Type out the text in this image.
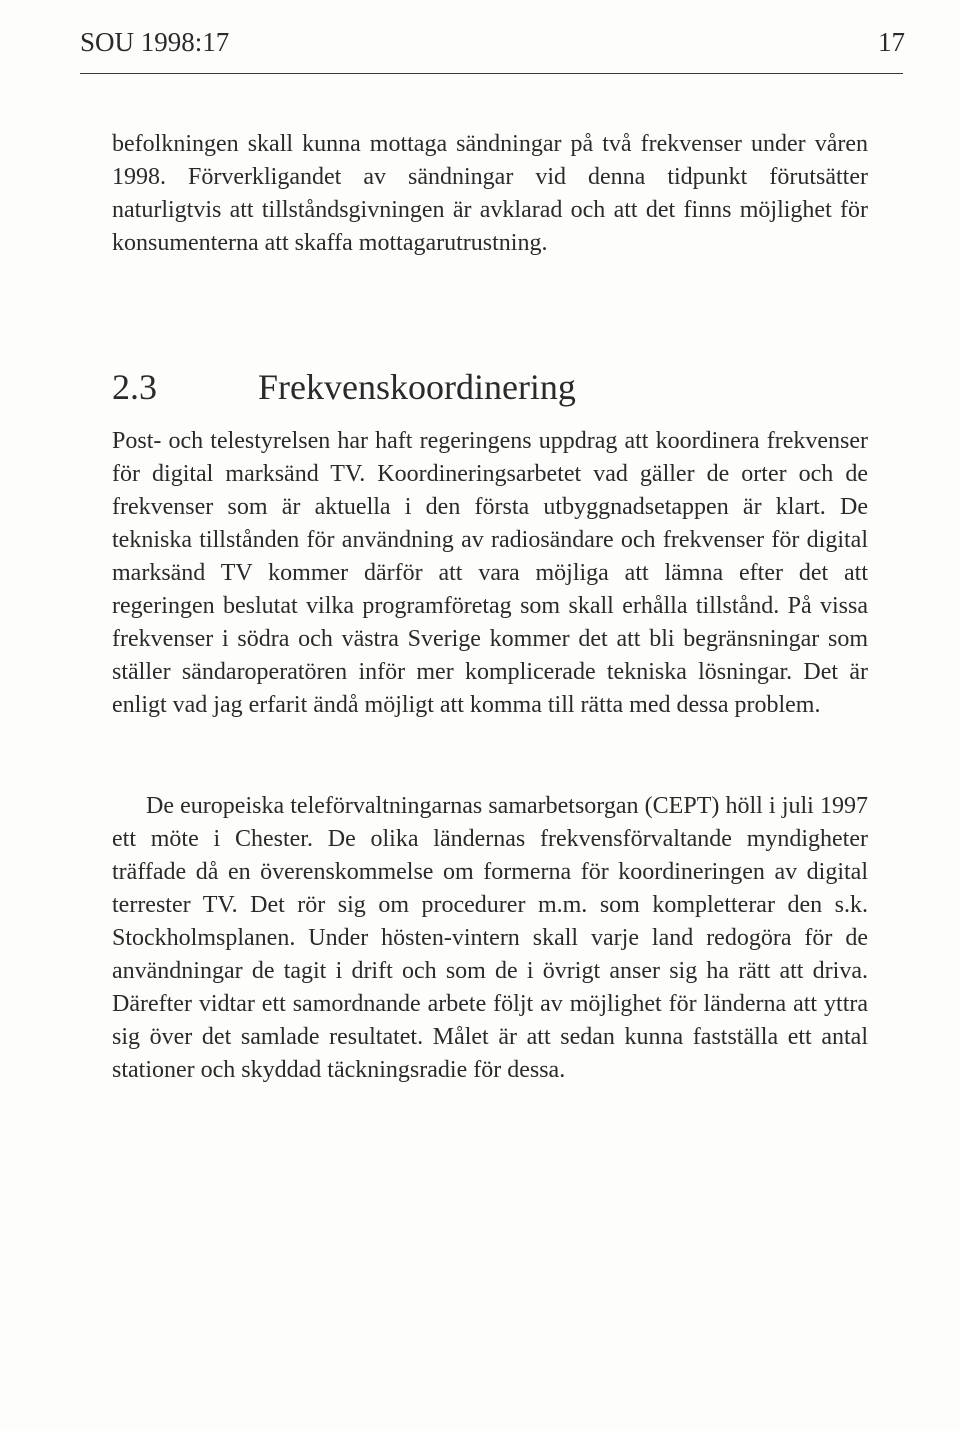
SOU 1998:17	17

befolkningen skall kunna mottaga sändningar på två frekvenser under våren 1998. Förverkligandet av sändningar vid denna tidpunkt förutsätter naturligtvis att tillståndsgivningen är avklarad och att det finns möjlighet för konsumenterna att skaffa mottagarutrustning.

2.3	Frekvenskoordinering

Post- och telestyrelsen har haft regeringens uppdrag att koordinera frekvenser för digital marksänd TV. Koordineringsarbetet vad gäller de orter och de frekvenser som är aktuella i den första utbyggnadsetappen är klart. De tekniska tillstånden för användning av radiosändare och frekvenser för digital marksänd TV kommer därför att vara möjliga att lämna efter det att regeringen beslutat vilka programföretag som skall erhålla tillstånd. På vissa frekvenser i södra och västra Sverige kommer det att bli begränsningar som ställer sändaroperatören inför mer komplicerade tekniska lösningar. Det är enligt vad jag erfarit ändå möjligt att komma till rätta med dessa problem.

De europeiska teleförvaltningarnas samarbetsorgan (CEPT) höll i juli 1997 ett möte i Chester. De olika ländernas frekvensförvaltande myndigheter träffade då en överenskommelse om formerna för koordineringen av digital terrester TV. Det rör sig om procedurer m.m. som kompletterar den s.k. Stockholmsplanen. Under hösten-vintern skall varje land redogöra för de användningar de tagit i drift och som de i övrigt anser sig ha rätt att driva. Därefter vidtar ett samordnande arbete följt av möjlighet för länderna att yttra sig över det samlade resultatet. Målet är att sedan kunna fastställa ett antal stationer och skyddad täckningsradie för dessa.
